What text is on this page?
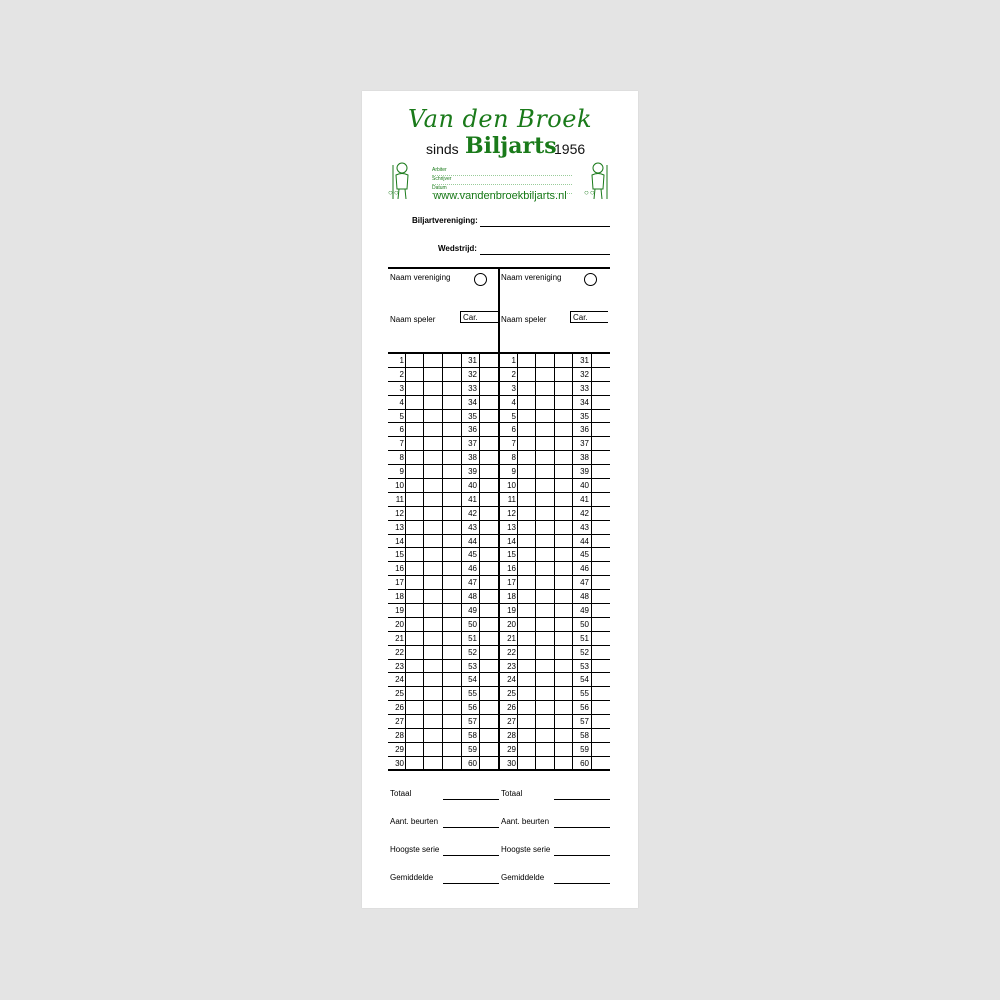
Van den Broek
sinds Biljarts
1956
Arbiter
Schrijver
Datum
○○	○○
www.vandenbroekbiljarts.nl
Biljartvereniging:
Wedstrijd:
Naam vereniging
Naam speler	Car.
Naam vereniging
Naam speler	Car.
1	31	1	31
2	32	2	32
3	33	3	33
4	34	4	34
5	35	5	35
6	36	6	36
7	37	7	37
8	38	8	38
9	39	9	39
10	40	10	40
11	41	11	41
12	42	12	42
13	43	13	43
14	44	14	44
15	45	15	45
16	46	16	46
17	47	17	47
18	48	18	48
19	49	19	49
20	50	20	50
21	51	21	51
22	52	22	52
23	53	23	53
24	54	24	54
25	55	25	55
26	56	26	56
27	57	27	57
28	58	28	58
29	59	29	59
30	60	30	60
Totaal	Totaal
Aant. beurten	Aant. beurten
Hoogste serie	Hoogste serie
Gemiddelde	Gemiddelde
